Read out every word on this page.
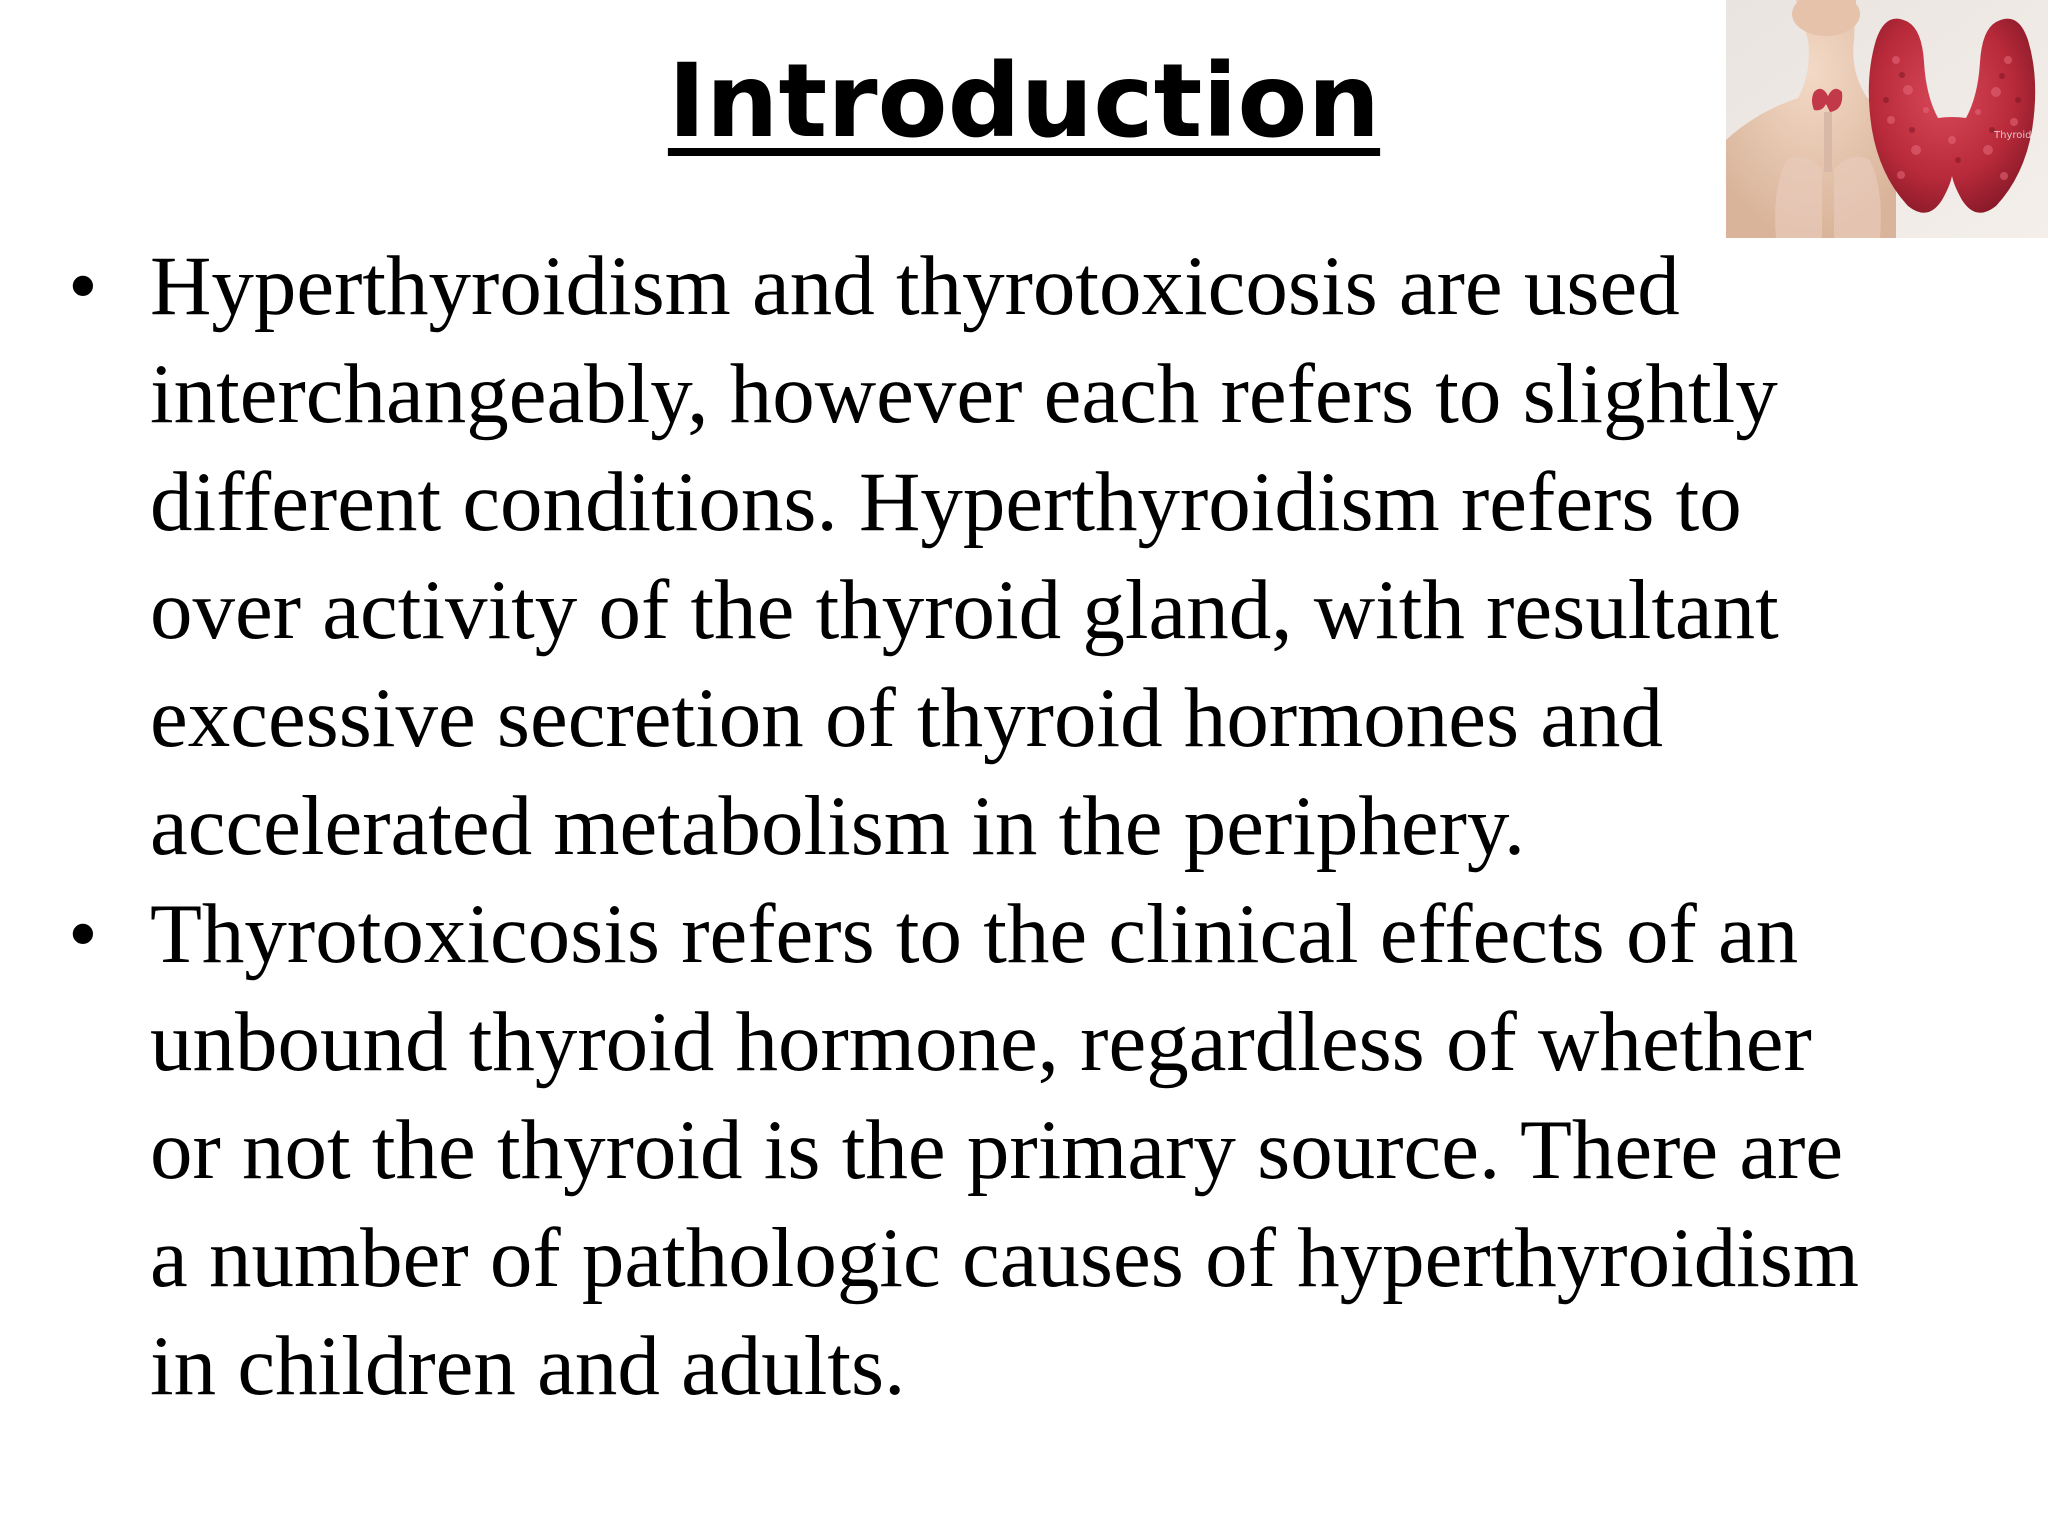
Introduction
• Hyperthyroidism and thyrotoxicosis are used
interchangeably, however each refers to slightly
different conditions. Hyperthyroidism refers to
over activity of the thyroid gland, with resultant
excessive secretion of thyroid hormones and
accelerated metabolism in the periphery.
• Thyrotoxicosis refers to the clinical effects of an
unbound thyroid hormone, regardless of whether
or not the thyroid is the primary source. There are
a number of pathologic causes of hyperthyroidism
in children and adults.
Thyroid
